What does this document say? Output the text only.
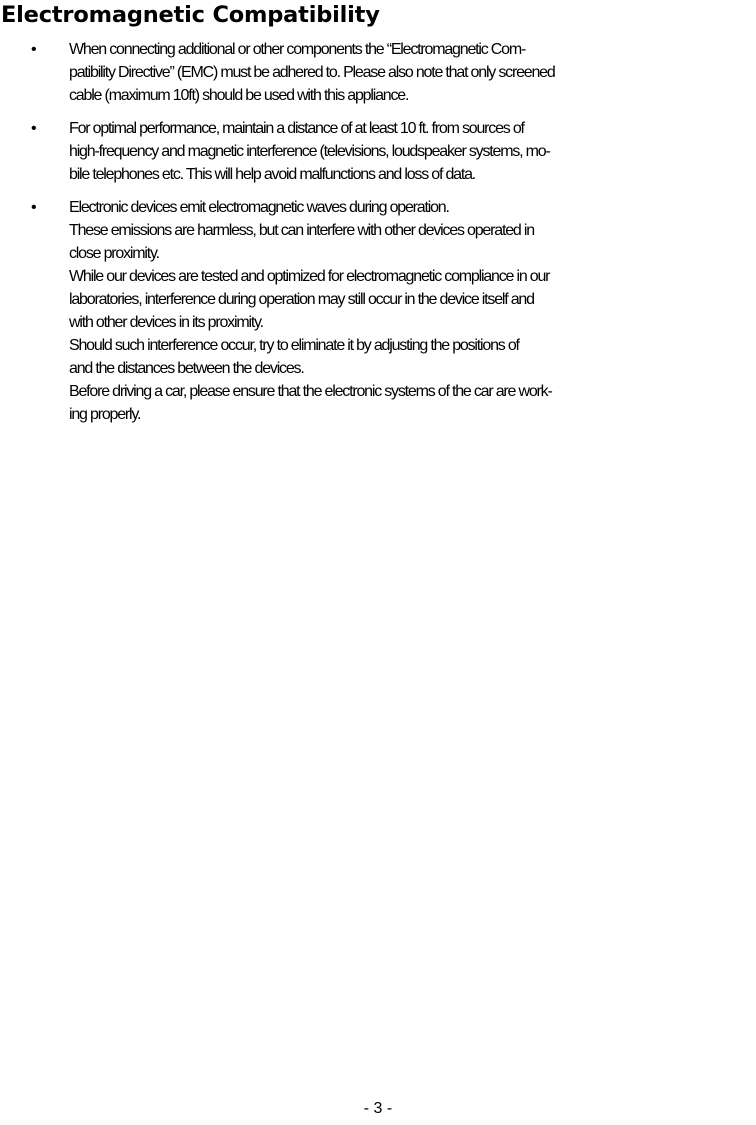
Electromagnetic Compatibility
• When connecting additional or other components the “Electromagnetic Com-
patibility Directive” (EMC) must be adhered to. Please also note that only screened
cable (maximum 10ft) should be used with this appliance.
• For optimal performance, maintain a distance of at least 10 ft. from sources of
high-frequency and magnetic interference (televisions, loudspeaker systems, mo-
bile telephones etc. This will help avoid malfunctions and loss of data.
• Electronic devices emit electromagnetic waves during operation.
These emissions are harmless, but can interfere with other devices operated in
close proximity.
While our devices are tested and optimized for electromagnetic compliance in our
laboratories, interference during operation may still occur in the device itself and
with other devices in its proximity.
Should such interference occur, try to eliminate it by adjusting the positions of
and the distances between the devices.
Before driving a car, please ensure that the electronic systems of the car are work-
ing properly.
- 3 -
